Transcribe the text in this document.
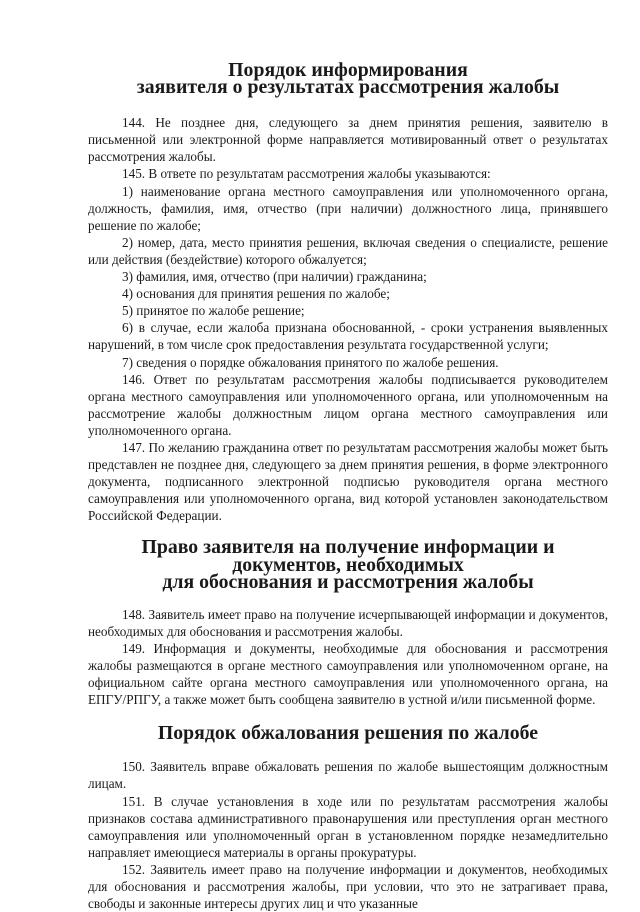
Порядок информирования
заявителя о результатах рассмотрения жалобы

144. Не позднее дня, следующего за днем принятия решения, заявителю в письменной или электронной форме направляется мотивированный ответ о результатах рассмотрения жалобы.

145. В ответе по результатам рассмотрения жалобы указываются:

1) наименование органа местного самоуправления или уполномоченного органа, должность, фамилия, имя, отчество (при наличии) должностного лица, принявшего решение по жалобе;

2) номер, дата, место принятия решения, включая сведения о специалисте, решение или действия (бездействие) которого обжалуется;

3) фамилия, имя, отчество (при наличии) гражданина;

4) основания для принятия решения по жалобе;

5) принятое по жалобе решение;

6) в случае, если жалоба признана обоснованной, - сроки устранения выявленных нарушений, в том числе срок предоставления результата государственной услуги;

7) сведения о порядке обжалования принятого по жалобе решения.

146. Ответ по результатам рассмотрения жалобы подписывается руководителем органа местного самоуправления или уполномоченного органа, или уполномоченным на рассмотрение жалобы должностным лицом органа местного самоуправления или уполномоченного органа.

147. По желанию гражданина ответ по результатам рассмотрения жалобы может быть представлен не позднее дня, следующего за днем принятия решения, в форме электронного документа, подписанного электронной подписью руководителя органа местного самоуправления или уполномоченного органа, вид которой установлен законодательством Российской Федерации.

Право заявителя на получение информации и документов, необходимых
для обоснования и рассмотрения жалобы

148. Заявитель имеет право на получение исчерпывающей информации и документов, необходимых для обоснования и рассмотрения жалобы.

149. Информация и документы, необходимые для обоснования и рассмотрения жалобы размещаются в органе местного самоуправления или уполномоченном органе, на официальном сайте органа местного самоуправления или уполномоченного органа, на ЕПГУ/РПГУ, а также может быть сообщена заявителю в устной и/или письменной форме.

Порядок обжалования решения по жалобе

150. Заявитель вправе обжаловать решения по жалобе вышестоящим должностным лицам.

151. В случае установления в ходе или по результатам рассмотрения жалобы признаков состава административного правонарушения или преступления орган местного самоуправления или уполномоченный орган в установленном порядке незамедлительно направляет имеющиеся материалы в органы прокуратуры.

152. Заявитель имеет право на получение информации и документов, необходимых для обоснования и рассмотрения жалобы, при условии, что это не затрагивает права, свободы и законные интересы других лиц и что указанные
